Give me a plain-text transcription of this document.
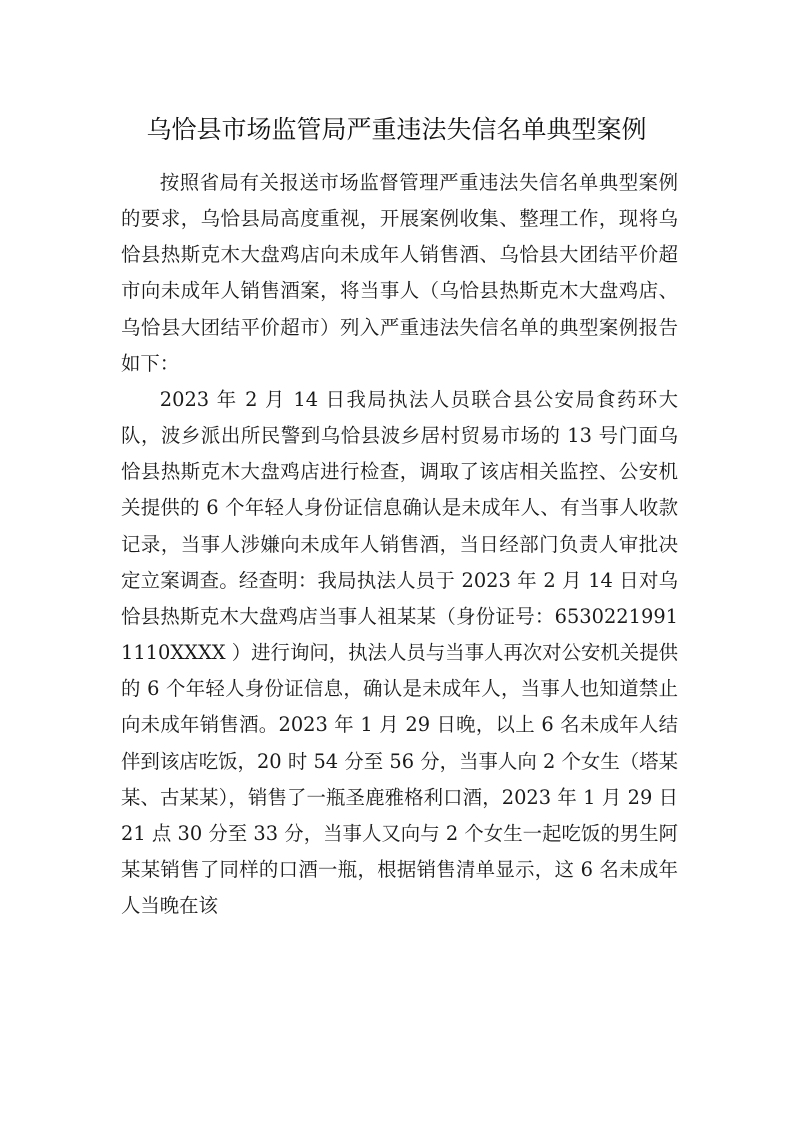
乌恰县市场监管局严重违法失信名单典型案例

按照省局有关报送市场监督管理严重违法失信名单典型案例的要求，乌恰县局高度重视，开展案例收集、整理工作，现将乌恰县热斯克木大盘鸡店向未成年人销售酒、乌恰县大团结平价超市向未成年人销售酒案，将当事人（乌恰县热斯克木大盘鸡店、乌恰县大团结平价超市）列入严重违法失信名单的典型案例报告如下：

2023 年 2 月 14 日我局执法人员联合县公安局食药环大队，波乡派出所民警到乌恰县波乡居村贸易市场的 13 号门面乌恰县热斯克木大盘鸡店进行检查，调取了该店相关监控、公安机关提供的 6 个年轻人身份证信息确认是未成年人、有当事人收款记录，当事人涉嫌向未成年人销售酒，当日经部门负责人审批决定立案调查。经查明：我局执法人员于 2023 年 2 月 14 日对乌恰县热斯克木大盘鸡店当事人祖某某（身份证号：65302219911110XXXX ）进行询问，执法人员与当事人再次对公安机关提供的 6 个年轻人身份证信息，确认是未成年人，当事人也知道禁止向未成年销售酒。2023 年 1 月 29 日晚，以上 6 名未成年人结伴到该店吃饭，20 时 54 分至 56 分，当事人向 2 个女生（塔某某、古某某），销售了一瓶圣鹿雅格利口酒，2023 年 1 月 29 日 21 点 30 分至 33 分，当事人又向与 2 个女生一起吃饭的男生阿某某销售了同样的口酒一瓶，根据销售清单显示，这 6 名未成年人当晚在该
